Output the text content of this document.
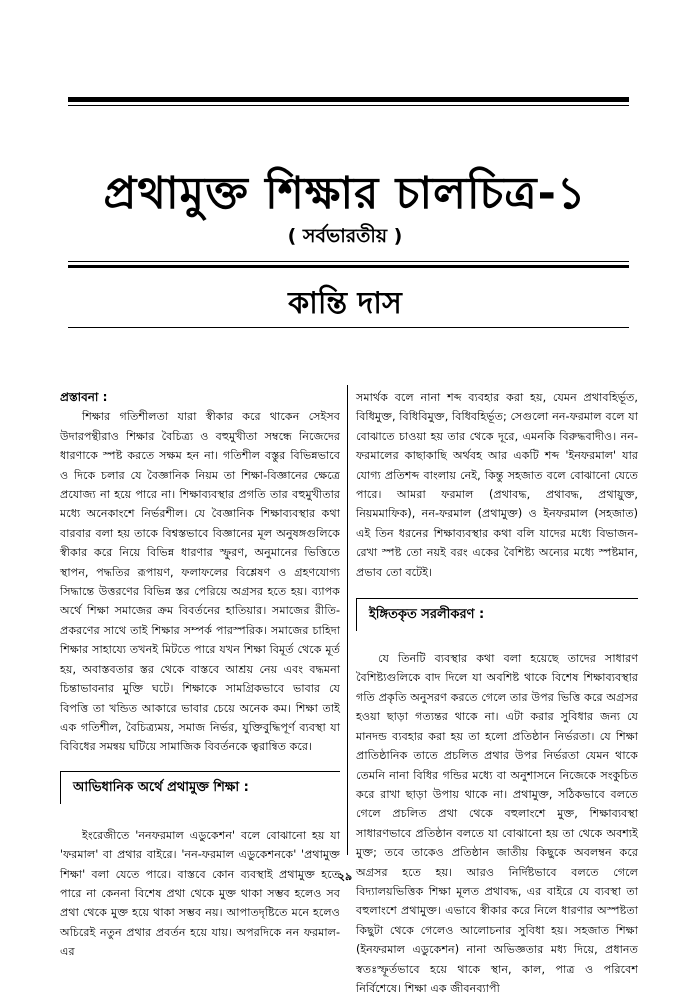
প্রথামুক্ত শিক্ষার চালচিত্র-১
( সর্বভারতীয় )
কান্তি দাস

প্রস্তাবনা :

শিক্ষার গতিশীলতা যারা স্বীকার করে থাকেন সেইসব উদারপন্থীরাও শিক্ষার বৈচিত্র্য ও বহুমুখীতা সম্বন্ধে নিজেদের ধারণাকে স্পষ্ট করতে সক্ষম হন না। গতিশীল বস্তুর বিভিন্নভাবে ও দিকে চলার যে বৈজ্ঞানিক নিয়ম তা শিক্ষা-বিজ্ঞানের ক্ষেত্রে প্রযোজ্য না হয়ে পারে না। শিক্ষাব্যবস্থার প্রগতি তার বহুমুখীতার মধ্যে অনেকাংশে নির্ভরশীল। যে বৈজ্ঞানিক শিক্ষাব্যবস্থার কথা বারবার বলা হয় তাকে বিশ্বস্তভাবে বিজ্ঞানের মূল অনুষঙ্গগুলিকে স্বীকার করে নিয়ে বিভিন্ন ধারণার স্ফুরণ, অনুমানের ভিত্তিতে স্থাপন, পদ্ধতির রূপায়ণ, ফলাফলের বিশ্লেষণ ও গ্রহণযোগ্য সিদ্ধান্তে উত্তরণের বিভিন্ন স্তর পেরিয়ে অগ্রসর হতে হয়। ব্যাপক অর্থে শিক্ষা সমাজের ক্রম বিবর্তনের হাতিয়ার। সমাজের রীতি-প্রকরণের সাথে তাই শিক্ষার সম্পর্ক পারস্পরিক। সমাজের চাহিদা শিক্ষার সাহায্যে তখনই মিটতে পারে যখন শিক্ষা বিমূর্ত থেকে মূর্ত হয়, অবাস্তবতার স্তর থেকে বাস্তবে আশ্রয় নেয় এবং বদ্ধমনা চিন্তাভাবনার মুক্তি ঘটে। শিক্ষাকে সামগ্রিকভাবে ভাবার যে বিপত্তি তা খন্ডিত আকারে ভাবার চেয়ে অনেক কম। শিক্ষা তাই এক গতিশীল, বৈচিত্র্যময়, সমাজ নির্ভর, যুক্তিবুদ্ধিপূর্ণ ব্যবস্থা যা বিবিধের সমন্বয় ঘটিয়ে সামাজিক বিবর্তনকে ত্বরান্বিত করে।

আভিধানিক অর্থে প্রথামুক্ত শিক্ষা :

ইংরেজীতে 'ননফরমাল এডুকেশন' বলে বোঝানো হয় যা 'ফরমাল' বা প্রথার বাইরে। 'নন-ফরমাল এডুকেশনকে' 'প্রথামুক্ত শিক্ষা' বলা যেতে পারে। বাস্তবে কোন ব্যবস্থাই প্রথামুক্ত হতে পারে না কেননা বিশেষ প্রথা থেকে মুক্ত থাকা সম্ভব হলেও সব প্রথা থেকে মুক্ত হয়ে থাকা সম্ভব নয়। আপাতদৃষ্টিতে মনে হলেও অচিরেই নতুন প্রথার প্রবর্তন হয়ে যায়। অপরদিকে নন ফরমাল-এর

সমার্থক বলে নানা শব্দ ব্যবহার করা হয়, যেমন প্রথাবহির্ভূত, বিধিমুক্ত, বিধিবিমুক্ত, বিধিবহির্ভূত; সেগুলো নন-ফরমাল বলে যা বোঝাতে চাওয়া হয় তার থেকে দূরে, এমনকি বিরুদ্ধবাদীও। নন-ফরমালের কাছাকাছি অর্থবহ আর একটি শব্দ 'ইনফরমাল' যার যোগ্য প্রতিশব্দ বাংলায় নেই, কিন্তু সহজাত বলে বোঝানো যেতে পারে। আমরা ফরমাল (প্রথাবদ্ধ, প্রথাবদ্ধ, প্রথায়ুক্ত, নিয়মমাফিক), নন-ফরমাল (প্রথামুক্ত) ও ইনফরমাল (সহজাত) এই তিন ধরনের শিক্ষাব্যবস্থার কথা বলি যাদের মধ্যে বিভাজন-রেখা স্পষ্ট তো নয়ই বরং একের বৈশিষ্ট্য অন্যের মধ্যে স্পষ্টমান, প্রভাব তো বটেই।

ইঙ্গিতকৃত সরলীকরণ :

যে তিনটি ব্যবস্থার কথা বলা হয়েছে তাদের সাধারণ বৈশিষ্ট্যগুলিকে বাদ দিলে যা অবশিষ্ট থাকে বিশেষ শিক্ষাব্যবস্থার গতি প্রকৃতি অনুসরণ করতে গেলে তার উপর ভিত্তি করে অগ্রসর হওয়া ছাড়া গত্যন্তর থাকে না। এটা করার সুবিধার জন্য যে মানদন্ড ব্যবহার করা হয় তা হলো প্রতিষ্ঠান নির্ভরতা। যে শিক্ষা প্রাতিষ্ঠানিক তাতে প্রচলিত প্রথার উপর নির্ভরতা যেমন থাকে তেমনি নানা বিধির গন্ডির মধ্যে বা অনুশাসনে নিজেকে সংকুচিত করে রাখা ছাড়া উপায় থাকে না। প্রথামুক্ত, সঠিকভাবে বলতে গেলে প্রচলিত প্রথা থেকে বহুলাংশে মুক্ত, শিক্ষাব্যবস্থা সাধারণভাবে প্রতিষ্ঠান বলতে যা বোঝানো হয় তা থেকে অবশ্যই মুক্ত; তবে তাকেও প্রতিষ্ঠান জাতীয় কিছুকে অবলম্বন করে অগ্রসর হতে হয়। আরও নির্দিষ্টভাবে বলতে গেলে বিদ্যালয়ভিত্তিক শিক্ষা মূলত প্রথাবদ্ধ, এর বাইরে যে ব্যবস্থা তা বহুলাংশে প্রথামুক্ত। এভাবে স্বীকার করে নিলে ধারণার অস্পষ্টতা কিছুটা থেকে গেলেও আলোচনার সুবিধা হয়। সহজাত শিক্ষা (ইনফরমাল এডুকেশন) নানা অভিজ্ঞতার মধ্য দিয়ে, প্রধানত স্বতঃস্ফূর্তভাবে হয়ে থাকে স্থান, কাল, পাত্র ও পরিবেশ নির্বিশেষে। শিক্ষা এক জীবনব্যাপী

২৯
